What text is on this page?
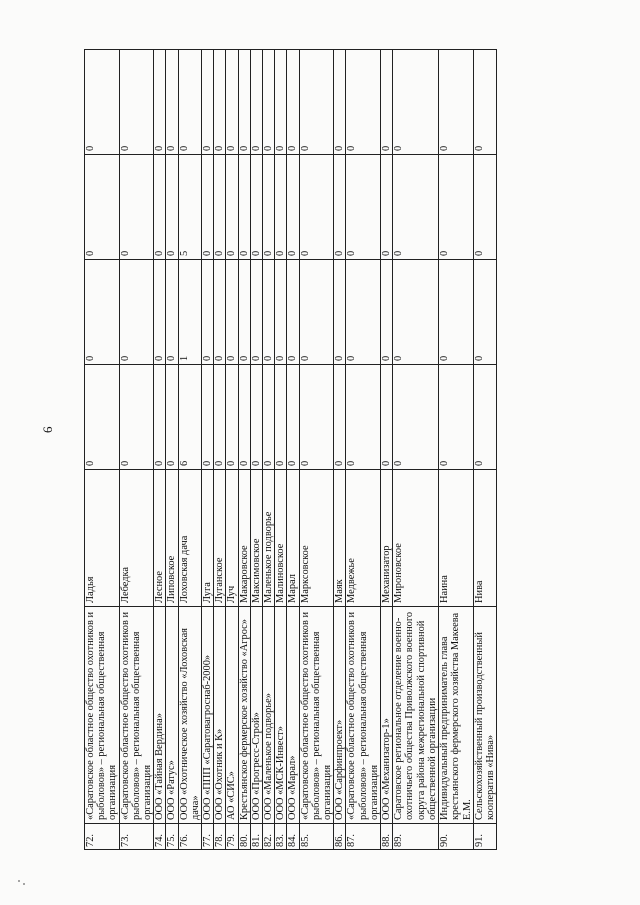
6
72.	«Саратовское областное общество охотников и рыболовов» – региональная общественная организация	Ладья	0	0	0	0
73.	«Саратовское областное общество охотников и рыболовов» – региональная общественная организация	Лебедка	0	0	0	0
74.	ООО «Тайная Вердина»	Лесное	0	0	0	0
75.	ООО «Ратус»	Липовское	0	0	0	0
76.	ООО «Охотническое хозяйство «Лоховская дача»	Лоховская дача	6	1	5	0
77.	ООО «ППП «Саратовагроснаб-2000»	Луга	0	0	0	0
78.	ООО «Охотник и К»	Луганское	0	0	0	0
79.	АО «СИС»	Луч	0	0	0	0
80.	Крестьянское фермерское хозяйство «Агрос»	Макаровское	0	0	0	0
81.	ООО «Прогресс-Строй»	Максимовское	0	0	0	0
82.	ООО «Маленькое подворье»	Маленькое подворье	0	0	0	0
83.	ООО «МСК-Инвест»	Малиновское	0	0	0	0
84.	ООО «Марал»	Марал	0	0	0	0
85.	«Саратовское областное общество охотников и рыболовов» – региональная общественная организация	Марксовское	0	0	0	0
86.	ООО «Сарфинпроект»	Маяк	0	0	0	0
87.	«Саратовское областное общество охотников и рыболовов» – региональная общественная организация	Медвежье	0	0	0	0
88.	ООО «Механизатор-1»	Механизатор	0	0	0	0
89.	Саратовское региональное отделение военно-охотничьего общества Приволжского военного округа района межрегиональной спортивной общественной организации	Мироновское	0	0	0	0
90.	Индивидуальный предприниматель глава крестьянского фермерского хозяйства Макеева Е.М.	Наина	0	0	0	0
91.	Сельскохозяйственный производственный кооператив «Нива»	Нива	0	0	0	0
